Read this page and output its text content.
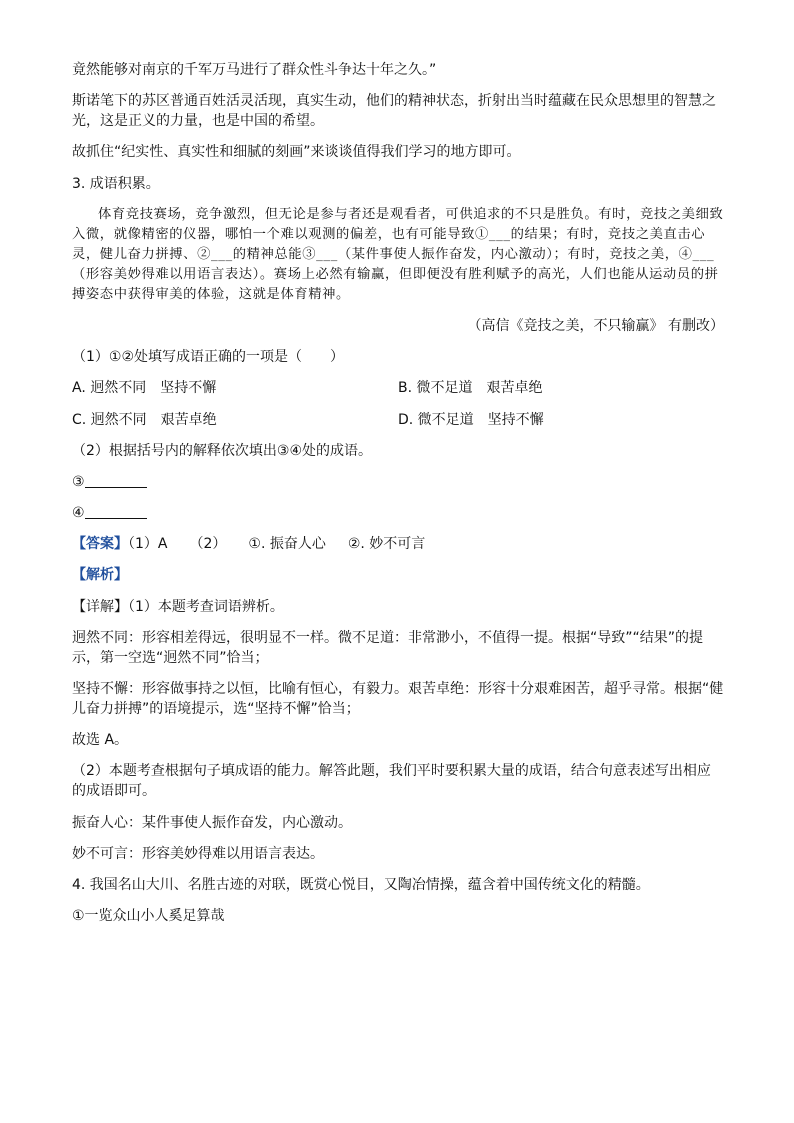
竟然能够对南京的千军万马进行了群众性斗争达十年之久。”
斯诺笔下的苏区普通百姓活灵活现，真实生动，他们的精神状态，折射出当时蕴藏在民众思想里的智慧之光，这是正义的力量，也是中国的希望。
故抓住“纪实性、真实性和细腻的刻画”来谈谈值得我们学习的地方即可。
3. 成语积累。

体育竞技赛场，竞争激烈，但无论是参与者还是观看者，可供追求的不只是胜负。有时，竞技之美细致入微，就像精密的仪器，哪怕一个难以观测的偏差，也有可能导致①___的结果；有时，竞技之美直击心灵，健儿奋力拼搏、②___的精神总能③___（某件事使人振作奋发，内心激动）；有时，竞技之美，④___（形容美妙得难以用语言表达）。赛场上必然有输赢，但即便没有胜利赋予的高光，人们也能从运动员的拼搏姿态中获得审美的体验，这就是体育精神。

（高信《竞技之美，不只输赢》 有删改）
（1）①②处填写成语正确的一项是（　　）
A. 迥然不同　坚持不懈	B. 微不足道　艰苦卓绝
C. 迥然不同　艰苦卓绝	D. 微不足道　坚持不懈
（2）根据括号内的解释依次填出③④处的成语。
③
④
【答案】（1）A （2） ①. 振奋人心 ②. 妙不可言
【解析】
【详解】（1）本题考查词语辨析。
迥然不同：形容相差得远，很明显不一样。微不足道：非常渺小，不值得一提。根据“导致”“结果”的提示，第一空选“迥然不同”恰当；
坚持不懈：形容做事持之以恒，比喻有恒心，有毅力。艰苦卓绝：形容十分艰难困苦，超乎寻常。根据“健儿奋力拼搏”的语境提示，选“坚持不懈”恰当；
故选 A。
（2）本题考查根据句子填成语的能力。解答此题，我们平时要积累大量的成语，结合句意表述写出相应的成语即可。
振奋人心：某件事使人振作奋发，内心激动。
妙不可言：形容美妙得难以用语言表达。
4. 我国名山大川、名胜古迹的对联，既赏心悦目，又陶冶情操，蕴含着中国传统文化的精髓。
①一览众山小人奚足算哉
